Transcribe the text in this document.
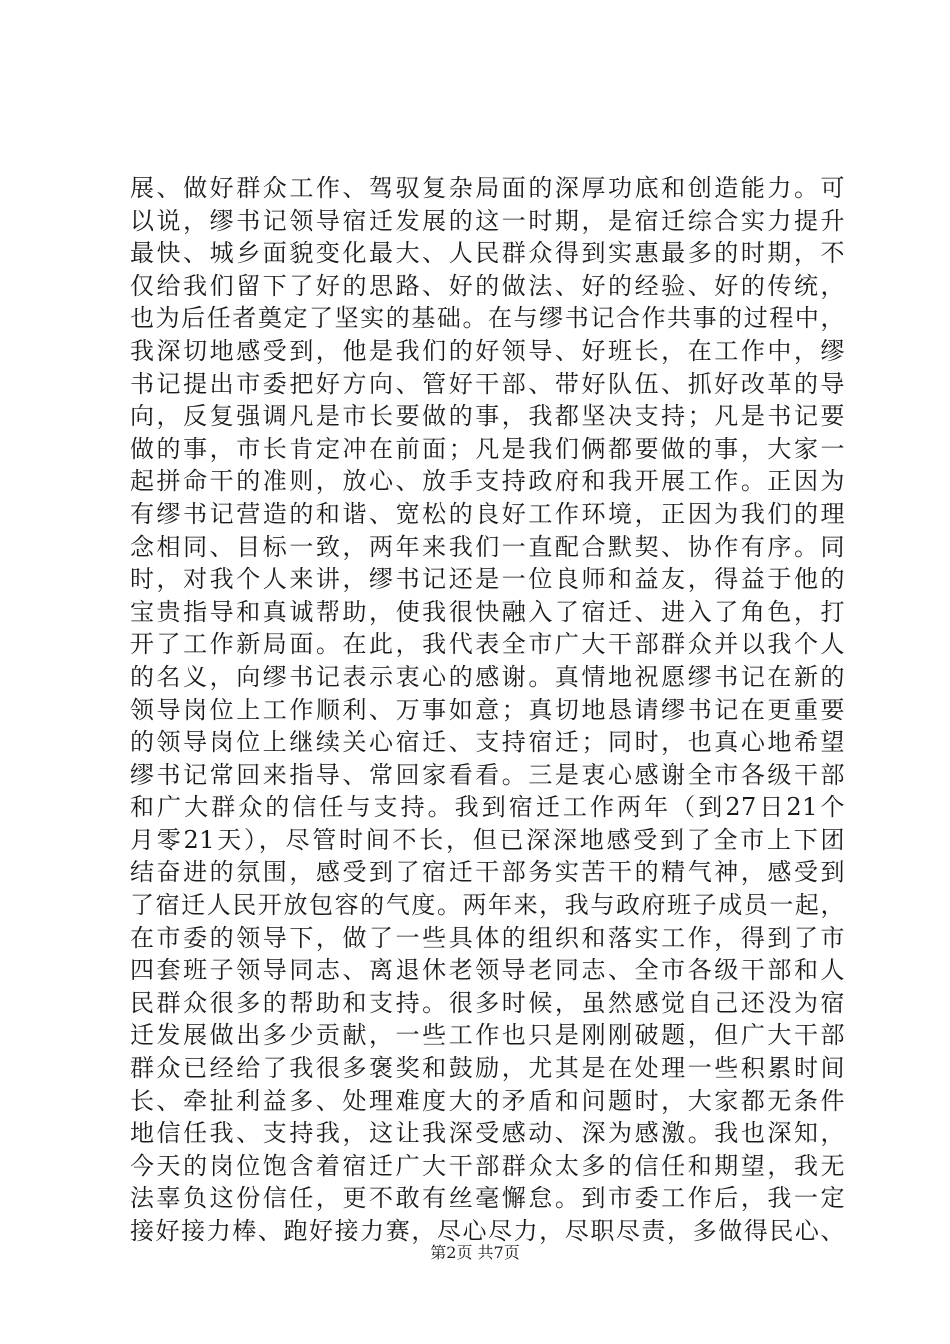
展、做好群众工作、驾驭复杂局面的深厚功底和创造能力。可
以说，缪书记领导宿迁发展的这一时期，是宿迁综合实力提升
最快、城乡面貌变化最大、人民群众得到实惠最多的时期，不
仅给我们留下了好的思路、好的做法、好的经验、好的传统，
也为后任者奠定了坚实的基础。在与缪书记合作共事的过程中，
我深切地感受到，他是我们的好领导、好班长，在工作中，缪
书记提出市委把好方向、管好干部、带好队伍、抓好改革的导
向，反复强调凡是市长要做的事，我都坚决支持；凡是书记要
做的事，市长肯定冲在前面；凡是我们俩都要做的事，大家一
起拼命干的准则，放心、放手支持政府和我开展工作。正因为
有缪书记营造的和谐、宽松的良好工作环境，正因为我们的理
念相同、目标一致，两年来我们一直配合默契、协作有序。同
时，对我个人来讲，缪书记还是一位良师和益友，得益于他的
宝贵指导和真诚帮助，使我很快融入了宿迁、进入了角色，打
开了工作新局面。在此，我代表全市广大干部群众并以我个人
的名义，向缪书记表示衷心的感谢。真情地祝愿缪书记在新的
领导岗位上工作顺利、万事如意；真切地恳请缪书记在更重要
的领导岗位上继续关心宿迁、支持宿迁；同时，也真心地希望
缪书记常回来指导、常回家看看。三是衷心感谢全市各级干部
和广大群众的信任与支持。我到宿迁工作两年（到27日21个
月零21天），尽管时间不长，但已深深地感受到了全市上下团
结奋进的氛围，感受到了宿迁干部务实苦干的精气神，感受到
了宿迁人民开放包容的气度。两年来，我与政府班子成员一起，
在市委的领导下，做了一些具体的组织和落实工作，得到了市
四套班子领导同志、离退休老领导老同志、全市各级干部和人
民群众很多的帮助和支持。很多时候，虽然感觉自己还没为宿
迁发展做出多少贡献，一些工作也只是刚刚破题，但广大干部
群众已经给了我很多褒奖和鼓励，尤其是在处理一些积累时间
长、牵扯利益多、处理难度大的矛盾和问题时，大家都无条件
地信任我、支持我，这让我深受感动、深为感激。我也深知，
今天的岗位饱含着宿迁广大干部群众太多的信任和期望，我无
法辜负这份信任，更不敢有丝毫懈怠。到市委工作后，我一定
接好接力棒、跑好接力赛，尽心尽力，尽职尽责，多做得民心、
第2页 共7页
